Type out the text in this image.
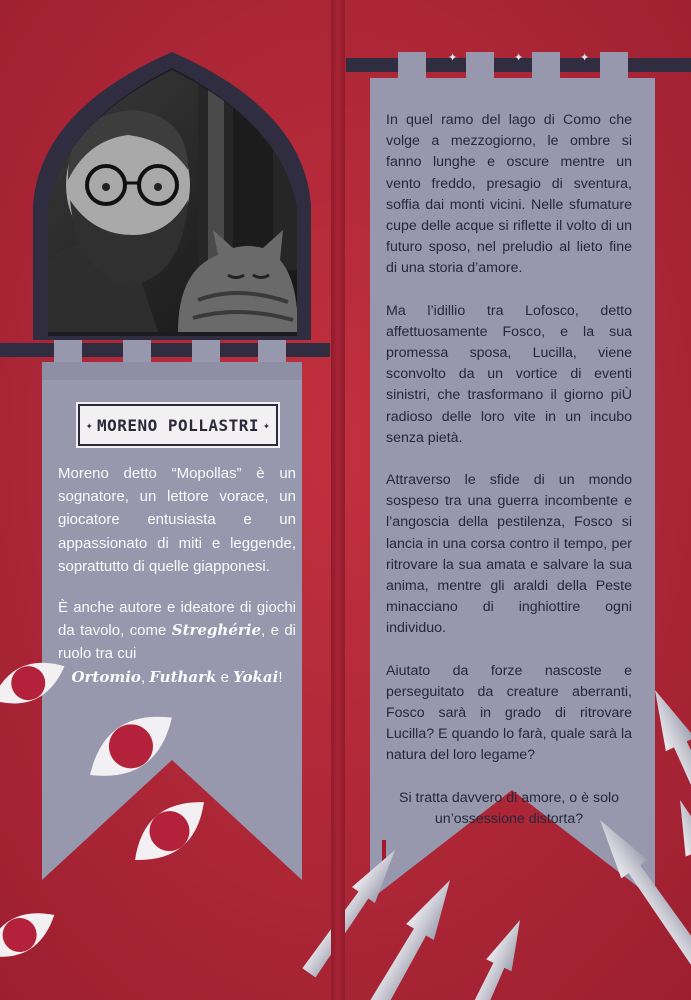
✦	✦	✦
✦ MORENO POLLASTRI ✦

Moreno detto “Mopollas” è un sognatore, un lettore vorace, un giocatore entusiasta e un appassionato di miti e leggende, soprattutto di quelle giapponesi.

È anche autore e ideatore di giochi da tavolo, come Streghérie, e di ruolo tra cui
Ortomio, Futhark e Yokai!

In quel ramo del lago di Como che volge a mezzogiorno, le ombre si fanno lunghe e oscure mentre un vento freddo, presagio di sventura, soffia dai monti vicini. Nelle sfumature cupe delle acque si riflette il volto di un futuro sposo, nel preludio al lieto fine di una storia d’amore.

Ma l’idillio tra Lofosco, detto affettuosamente Fosco, e la sua promessa sposa, Lucilla, viene sconvolto da un vortice di eventi sinistri, che trasformano il giorno piÙ radioso delle loro vite in un incubo senza pietà.

Attraverso le sfide di un mondo sospeso tra una guerra incombente e l’angoscia della pestilenza, Fosco si lancia in una corsa contro il tempo, per ritrovare la sua amata e salvare la sua anima, mentre gli araldi della Peste minacciano di inghiottire ogni individuo.

Aiutato da forze nascoste e perseguitato da creature aberranti, Fosco sarà in grado di ritrovare Lucilla? E quando lo farà, quale sarà la natura del loro legame?

Si tratta davvero di amore, o è solo un’ossessione distorta?
